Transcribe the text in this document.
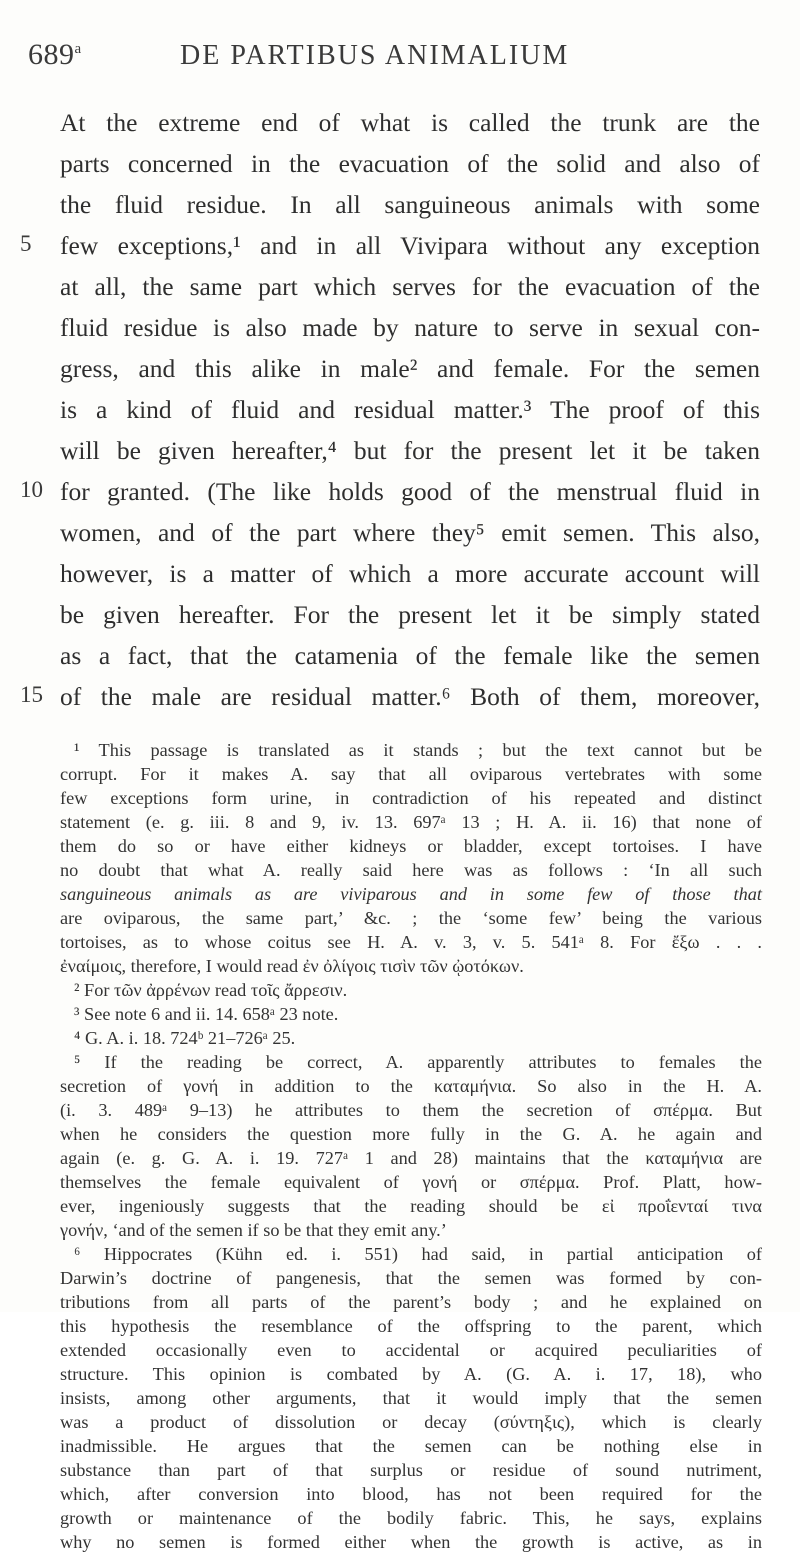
689$^a$	DE PARTIBUS ANIMALIUM
At the extreme end of what is called the trunk are the
parts concerned in the evacuation of the solid and also of
the fluid residue. In all sanguineous animals with some
5	few exceptions,¹ and in all Vivipara without any exception
at all, the same part which serves for the evacuation of the
fluid residue is also made by nature to serve in sexual con-
gress, and this alike in male² and female. For the semen
is a kind of fluid and residual matter.³ The proof of this
will be given hereafter,⁴ but for the present let it be taken
10 for granted. (The like holds good of the menstrual fluid in
women, and of the part where they⁵ emit semen. This also,
however, is a matter of which a more accurate account will
be given hereafter. For the present let it be simply stated
as a fact, that the catamenia of the female like the semen
15 of the male are residual matter.⁶ Both of them, moreover,
¹ This passage is translated as it stands ; but the text cannot but be
corrupt. For it makes A. say that all oviparous vertebrates with some
few exceptions form urine, in contradiction of his repeated and distinct
statement (e. g. iii. 8 and 9, iv. 13. 697ᵃ 13 ; H. A. ii. 16) that none of
them do so or have either kidneys or bladder, except tortoises. I have
no doubt that what A. really said here was as follows : ‘In all such
sanguineous animals as are viviparous and in some few of those that
are oviparous, the same part,’ &c. ; the ‘some few’ being the various
tortoises, as to whose coitus see H. A. v. 3, v. 5. 541ᵃ 8. For ἔξω . . .
ἐναίμοις, therefore, I would read ἐν ὀλίγοις τισὶν τῶν ᾠοτόκων.
² For τῶν ἀρρένων read τοῖς ἄρρεσιν.
³ See note 6 and ii. 14. 658ᵃ 23 note.
⁴ G. A. i. 18. 724ᵇ 21–726ᵃ 25.
⁵ If the reading be correct, A. apparently attributes to females the
secretion of γονή in addition to the καταμήνια. So also in the H. A.
(i. 3. 489ᵃ 9–13) he attributes to them the secretion of σπέρμα. But
when he considers the question more fully in the G. A. he again and
again (e. g. G. A. i. 19. 727ᵃ 1 and 28) maintains that the καταμήνια are
themselves the female equivalent of γονή or σπέρμα. Prof. Platt, how-
ever, ingeniously suggests that the reading should be εἰ προΐενταί τινα
γονήν, ‘and of the semen if so be that they emit any.’
⁶ Hippocrates (Kühn ed. i. 551) had said, in partial anticipation of
Darwin’s doctrine of pangenesis, that the semen was formed by con-
tributions from all parts of the parent’s body ; and he explained on
this hypothesis the resemblance of the offspring to the parent, which
extended occasionally even to accidental or acquired peculiarities of
structure. This opinion is combated by A. (G. A. i. 17, 18), who
insists, among other arguments, that it would imply that the semen
was a product of dissolution or decay (σύντηξις), which is clearly
inadmissible. He argues that the semen can be nothing else in
substance than part of that surplus or residue of sound nutriment,
which, after conversion into blood, has not been required for the
growth or maintenance of the bodily fabric. This, he says, explains
why no semen is formed either when the growth is active, as in
